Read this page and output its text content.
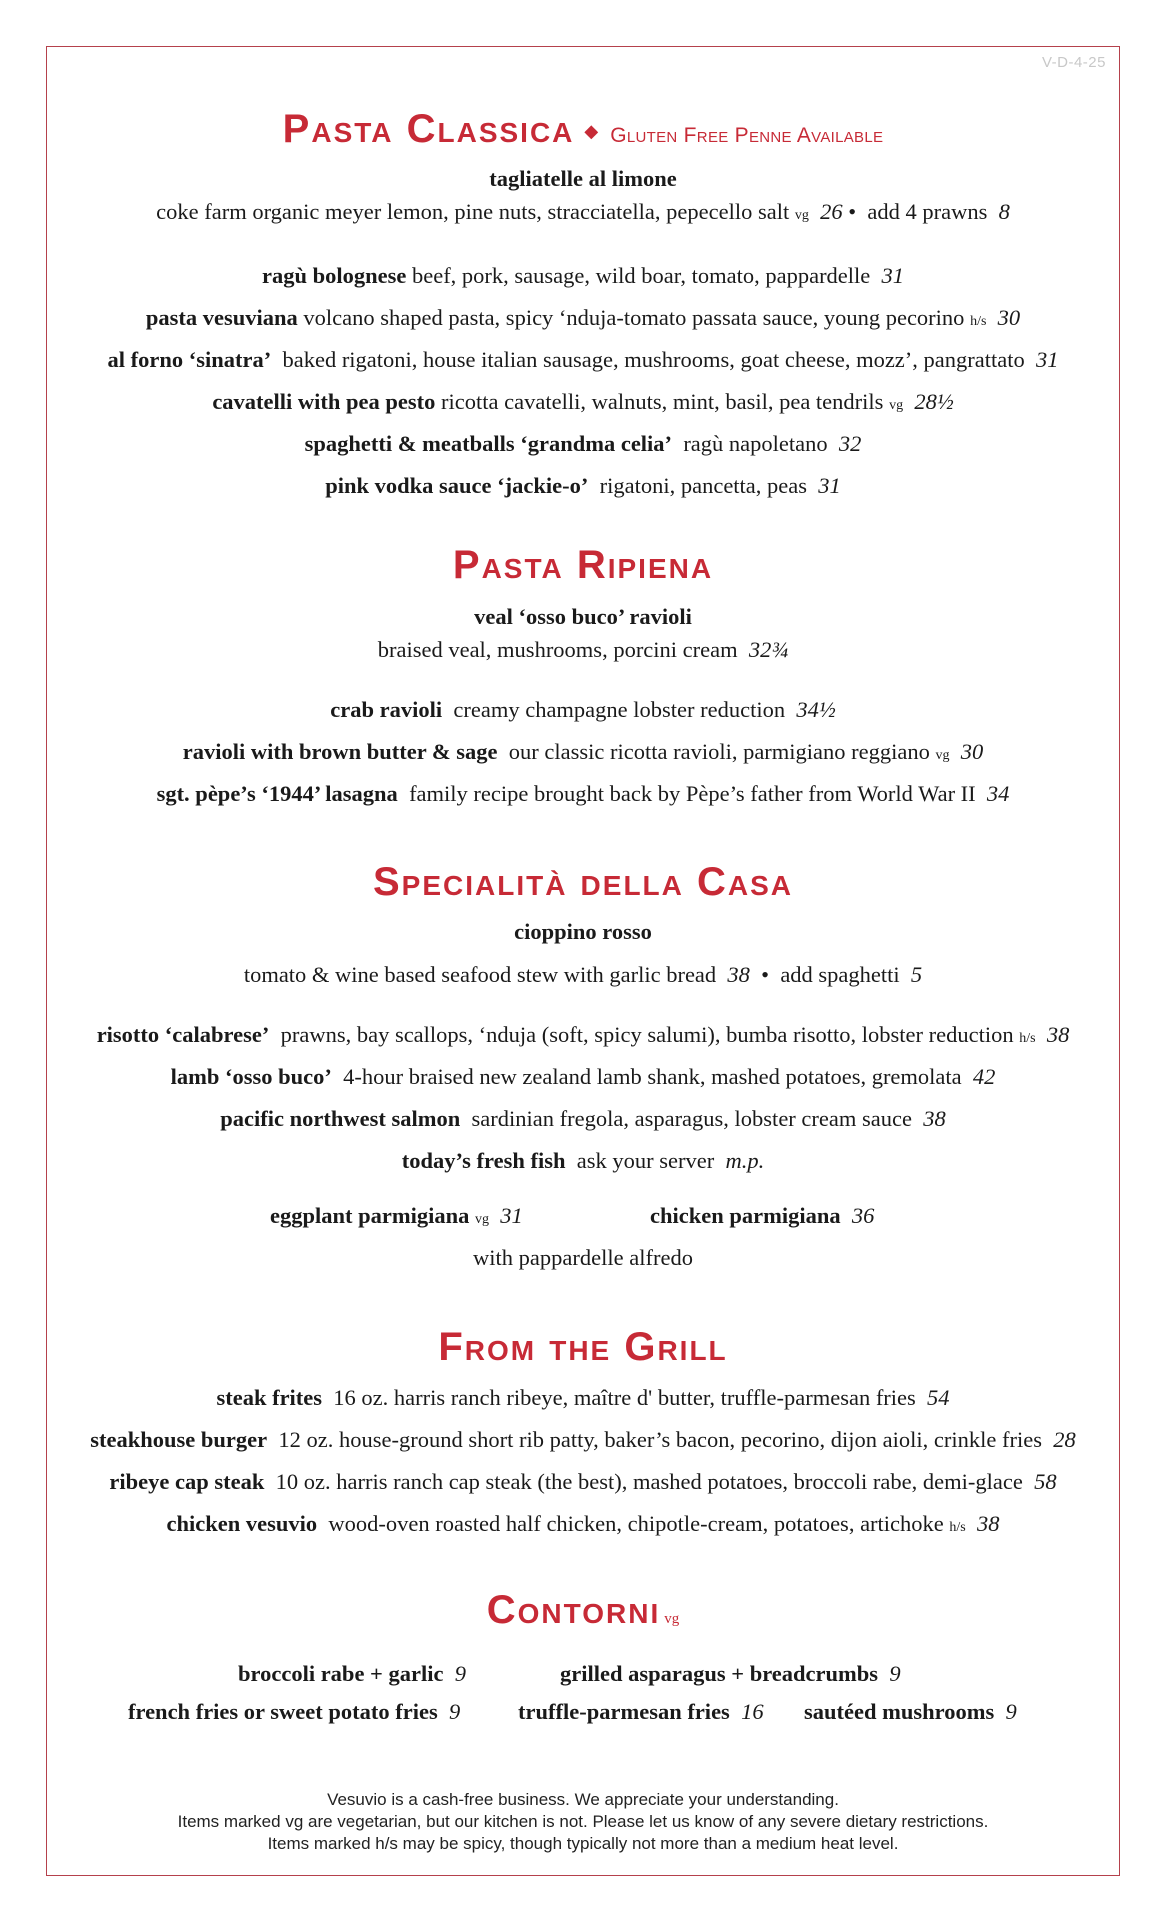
V-D-4-25
Pasta Classica ◆ Gluten Free Penne Available
tagliatelle al limone
coke farm organic meyer lemon, pine nuts, stracciatella, pepecello salt vg 26 • add 4 prawns 8
ragù bolognese beef, pork, sausage, wild boar, tomato, pappardelle 31
pasta vesuviana volcano shaped pasta, spicy ‘nduja-tomato passata sauce, young pecorino h/s 30
al forno ‘sinatra’ baked rigatoni, house italian sausage, mushrooms, goat cheese, mozz’, pangrattato 31
cavatelli with pea pesto ricotta cavatelli, walnuts, mint, basil, pea tendrils vg 28½
spaghetti & meatballs ‘grandma celia’ ragù napoletano 32
pink vodka sauce ‘jackie-o’ rigatoni, pancetta, peas 31
Pasta Ripiena
veal ‘osso buco’ ravioli
braised veal, mushrooms, porcini cream 32¾
crab ravioli creamy champagne lobster reduction 34½
ravioli with brown butter & sage our classic ricotta ravioli, parmigiano reggiano vg 30
sgt. pèpe’s ‘1944’ lasagna family recipe brought back by Pèpe’s father from World War II 34
Specialità della Casa
cioppino rosso
tomato & wine based seafood stew with garlic bread 38 • add spaghetti 5
risotto ‘calabrese’ prawns, bay scallops, ‘nduja (soft, spicy salumi), bumba risotto, lobster reduction h/s 38
lamb ‘osso buco’ 4-hour braised new zealand lamb shank, mashed potatoes, gremolata 42
pacific northwest salmon sardinian fregola, asparagus, lobster cream sauce 38
today’s fresh fish ask your server m.p.
eggplant parmigiana vg 31	chicken parmigiana 36
with pappardelle alfredo
From the Grill
steak frites 16 oz. harris ranch ribeye, maître d' butter, truffle-parmesan fries 54
steakhouse burger 12 oz. house-ground short rib patty, baker’s bacon, pecorino, dijon aioli, crinkle fries 28
ribeye cap steak 10 oz. harris ranch cap steak (the best), mashed potatoes, broccoli rabe, demi-glace 58
chicken vesuvio wood-oven roasted half chicken, chipotle-cream, potatoes, artichoke h/s 38
Contorni vg
broccoli rabe + garlic 9	grilled asparagus + breadcrumbs 9
french fries or sweet potato fries 9	truffle-parmesan fries 16 sautéed mushrooms 9
Vesuvio is a cash-free business. We appreciate your understanding.
Items marked vg are vegetarian, but our kitchen is not. Please let us know of any severe dietary restrictions.
Items marked h/s may be spicy, though typically not more than a medium heat level.
